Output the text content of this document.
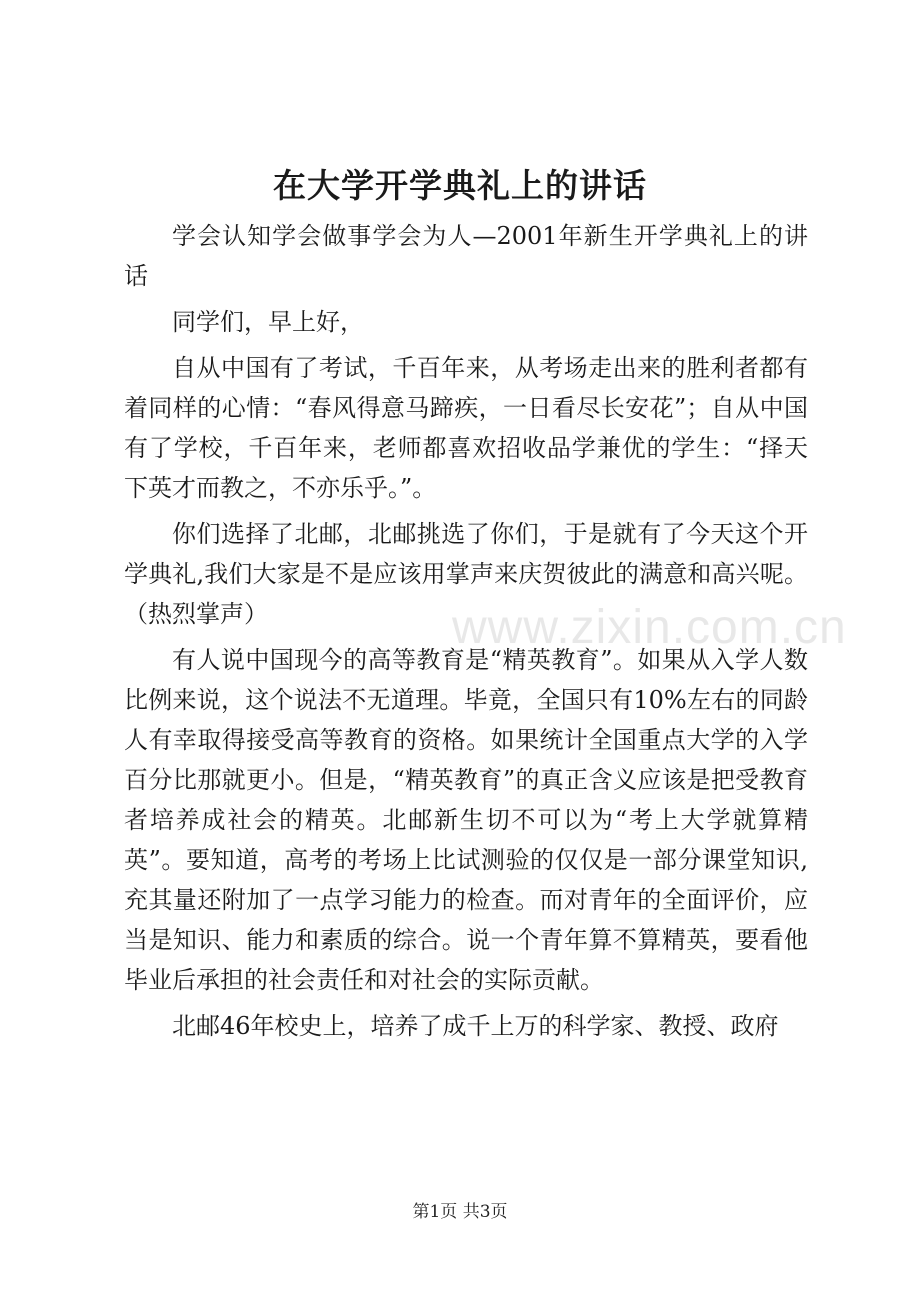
在大学开学典礼上的讲话

学会认知学会做事学会为人—2001年新生开学典礼上的讲话

同学们，早上好，

自从中国有了考试，千百年来，从考场走出来的胜利者都有着同样的心情：“春风得意马蹄疾，一日看尽长安花”；自从中国有了学校，千百年来，老师都喜欢招收品学兼优的学生：“择天下英才而教之，不亦乐乎。”。

你们选择了北邮，北邮挑选了你们，于是就有了今天这个开学典礼,我们大家是不是应该用掌声来庆贺彼此的满意和高兴呢。（热烈掌声）

有人说中国现今的高等教育是“精英教育”。如果从入学人数比例来说，这个说法不无道理。毕竟，全国只有10%左右的同龄人有幸取得接受高等教育的资格。如果统计全国重点大学的入学百分比那就更小。但是，“精英教育”的真正含义应该是把受教育者培养成社会的精英。北邮新生切不可以为“考上大学就算精英”。要知道，高考的考场上比试测验的仅仅是一部分课堂知识,充其量还附加了一点学习能力的检查。而对青年的全面评价，应当是知识、能力和素质的综合。说一个青年算不算精英，要看他毕业后承担的社会责任和对社会的实际贡献。

北邮46年校史上，培养了成千上万的科学家、教授、政府

www.zixin.com.cn
第1页 共3页
